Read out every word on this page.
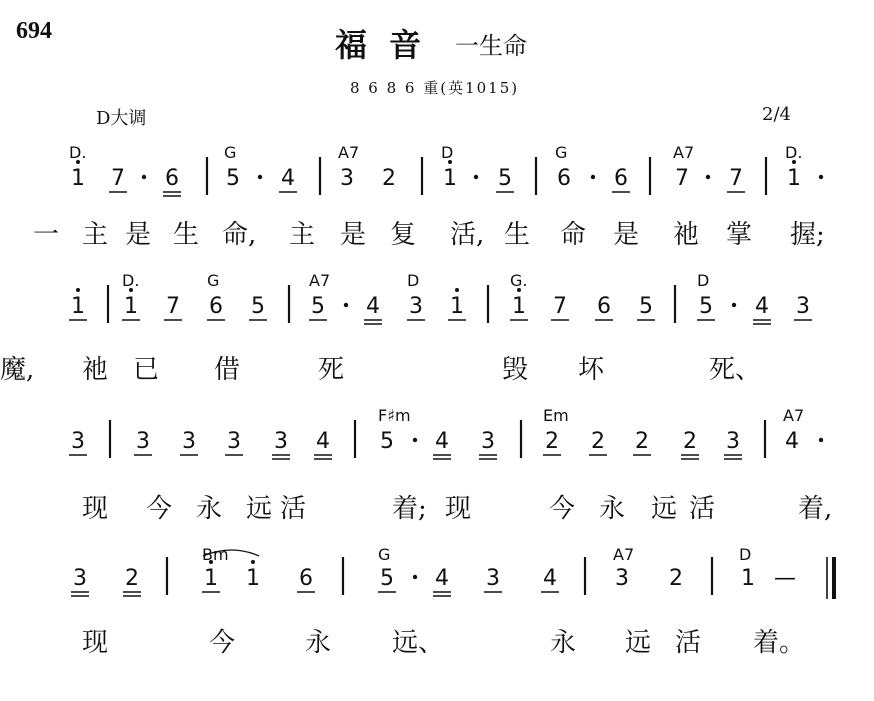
694	福音 一生命
8 6 8 6 重(英1015)
D大调	2/4
1
D.
7 6 5
G
4 3
A7
2 1
D
5 6
G
6 7
A7
7 1
D.
一 主 是 生 命, 主 是 复 活, 生 命 是 祂 掌 握;
1 1
D.
7 6
G
5 5
A7
4 3
D
1 1
G.
7 6 5 5
D
4 3
祂 已 借	死	毁 坏	死、
魔,
3 3 3 3 3 4 5
F♯m
4 3 2
Em
2 2 2 3 4
A7
现 今 永 远 活	着; 现	今 永 远 活	着,
3 2	1
Bm
1 6	5
G
4 3 4	3
A7
2	1
D
—
现	今	永 远、	永 远 活 着。
